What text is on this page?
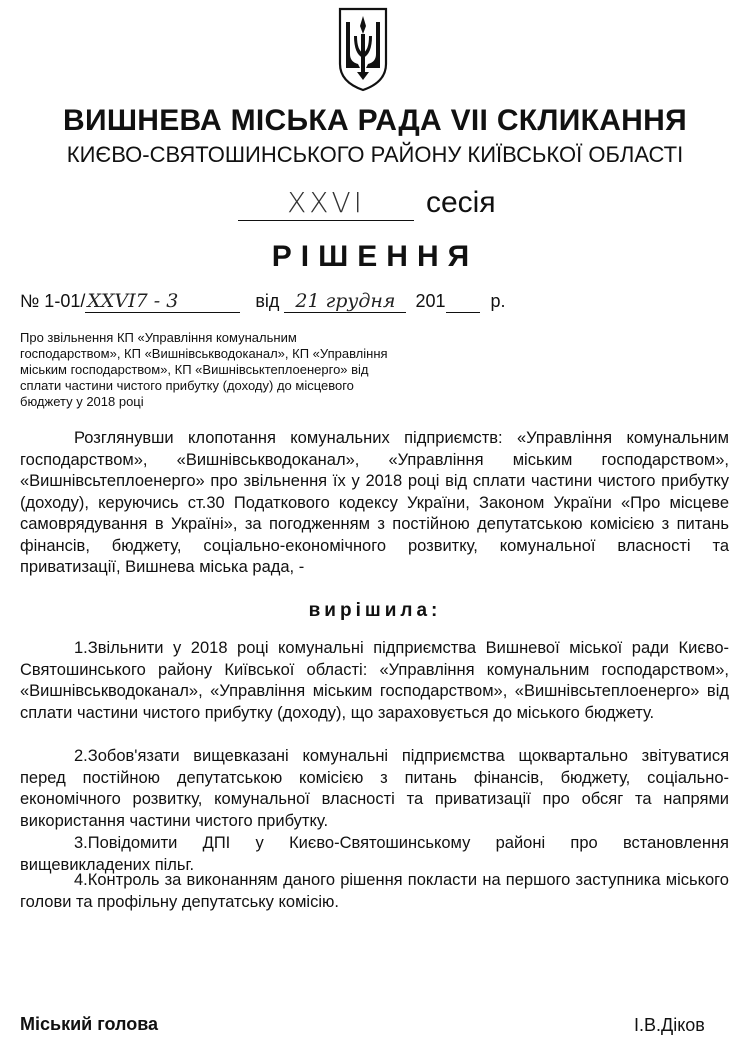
ВИШНЕВА МІСЬКА РАДА VII СКЛИКАННЯ
КИЄВО-СВЯТОШИНСЬКОГО РАЙОНУ КИЇВСЬКОЇ ОБЛАСТІ
XXVI	сесія
РІШЕННЯ
№ 1-01/ XXVI7 - 3	від 21 грудня 201	р.
Про звільнення КП «Управління комунальним господарством», КП «Вишнівськводоканал», КП «Управління міським господарством», КП «Вишнівськтеплоенерго» від сплати частини чистого прибутку (доходу) до місцевого бюджету у 2018 році
Розглянувши клопотання комунальних підприємств: «Управління комунальним господарством», «Вишнівськводоканал», «Управління міським господарством», «Вишнівсьтеплоенерго» про звільнення їх у 2018 році від сплати частини чистого прибутку (доходу), керуючись ст.30 Податкового кодексу України, Законом України «Про місцеве самоврядування в Україні», за погодженням з постійною депутатською комісією з питань фінансів, бюджету, соціально-економічного розвитку, комунальної власності та приватизації, Вишнева міська рада, -
вирішила:
1.Звільнити у 2018 році комунальні підприємства Вишневої міської ради Києво-Святошинського району Київської області: «Управління комунальним господарством», «Вишнівськводоканал», «Управління міським господарством», «Вишнівсьтеплоенерго» від сплати частини чистого прибутку (доходу), що зараховується до міського бюджету.
2.Зобов'язати вищевказані комунальні підприємства щоквартально звітуватися перед постійною депутатською комісією з питань фінансів, бюджету, соціально-економічного розвитку, комунальної власності та приватизації про обсяг та напрями використання частини чистого прибутку.
3.Повідомити ДПІ у Києво-Святошинському районі про встановлення вищевикладених пільг.
4.Контроль за виконанням даного рішення покласти на першого заступника міського голови та профільну депутатську комісію.
Міський голова	І.В.Діков
